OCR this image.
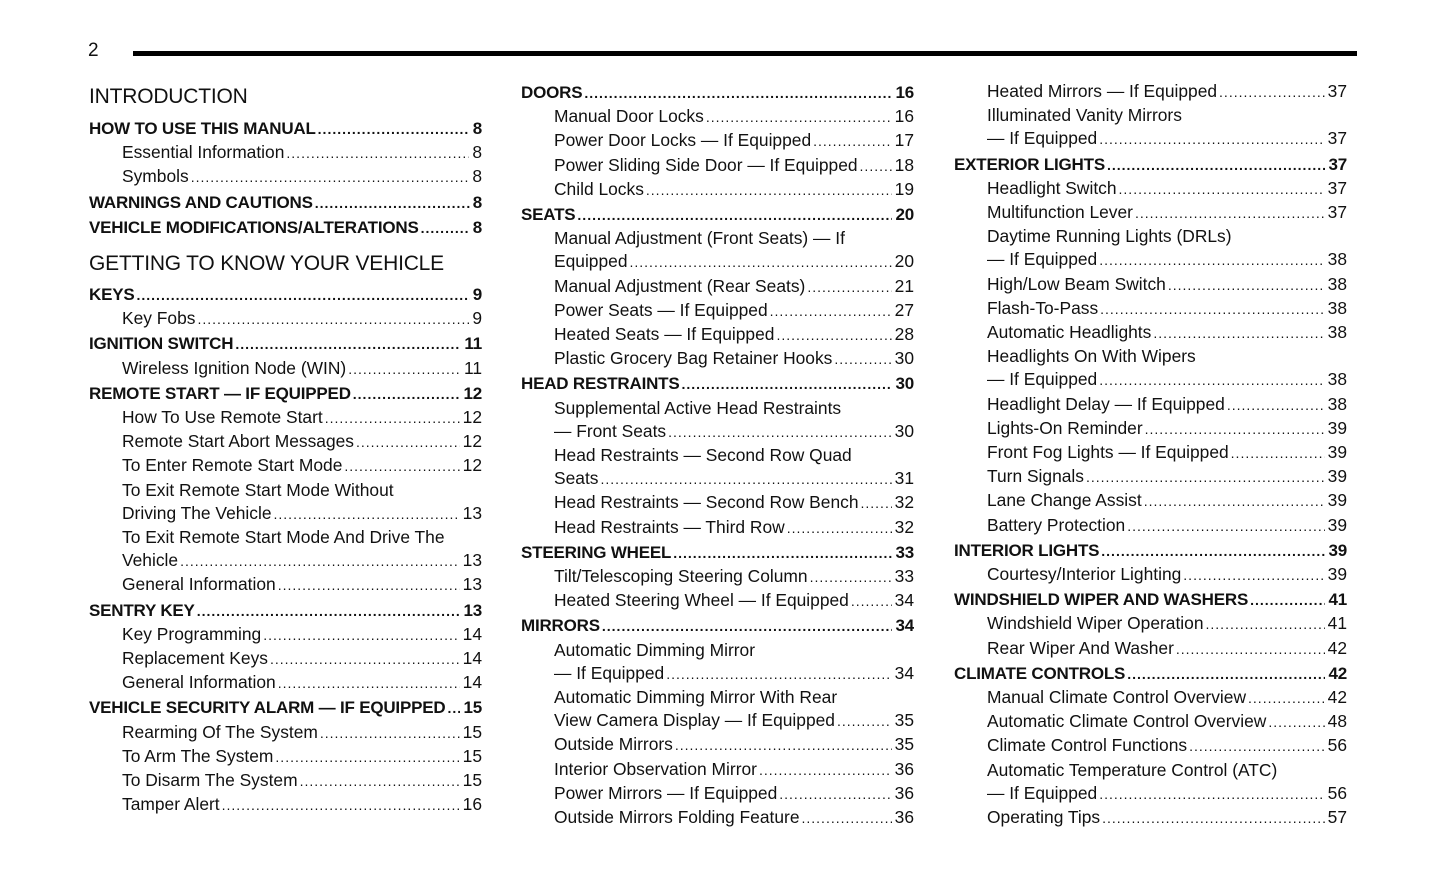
2
INTRODUCTION
HOW TO USE THIS MANUAL .....	8
Essential Information .....	8
Symbols .....	8
WARNINGS AND CAUTIONS .....	8
VEHICLE MODIFICATIONS/ALTERATIONS .....	8
GETTING TO KNOW YOUR VEHICLE
KEYS .....	9
Key Fobs .....	9
IGNITION SWITCH .....	11
Wireless Ignition Node (WIN) .....	11
REMOTE START — IF EQUIPPED .....	12
How To Use Remote Start .....	12
Remote Start Abort Messages .....	12
To Enter Remote Start Mode .....	12
To Exit Remote Start Mode Without
Driving The Vehicle .....	13
To Exit Remote Start Mode And Drive The
Vehicle .....	13
General Information .....	13
SENTRY KEY .....	13
Key Programming .....	14
Replacement Keys .....	14
General Information .....	14
VEHICLE SECURITY ALARM — IF EQUIPPED ..... 15
Rearming Of The System .....	15
To Arm The System .....	15
To Disarm The System .....	15
Tamper Alert .....	16
DOORS .....	16
Manual Door Locks .....	16
Power Door Locks — If Equipped .....	17
Power Sliding Side Door — If Equipped ..... 18
Child Locks .....	19
SEATS .....	20
Manual Adjustment (Front Seats) — If
Equipped .....	20
Manual Adjustment (Rear Seats) .....	21
Power Seats — If Equipped .....	27
Heated Seats — If Equipped .....	28
Plastic Grocery Bag Retainer Hooks .....	30
HEAD RESTRAINTS .....	30
Supplemental Active Head Restraints
— Front Seats .....	30
Head Restraints — Second Row Quad
Seats .....	31
Head Restraints — Second Row Bench ..... 32
Head Restraints — Third Row .....	32
STEERING WHEEL .....	33
Tilt/Telescoping Steering Column .....	33
Heated Steering Wheel — If Equipped .....	34
MIRRORS .....	34
Automatic Dimming Mirror
— If Equipped .....	34
Automatic Dimming Mirror With Rear
View Camera Display — If Equipped .....	35
Outside Mirrors .....	35
Interior Observation Mirror .....	36
Power Mirrors — If Equipped .....	36
Outside Mirrors Folding Feature .....	36
Heated Mirrors — If Equipped .....	37
Illuminated Vanity Mirrors
— If Equipped .....	37
EXTERIOR LIGHTS .....	37
Headlight Switch .....	37
Multifunction Lever .....	37
Daytime Running Lights (DRLs)
— If Equipped .....	38
High/Low Beam Switch .....	38
Flash-To-Pass .....	38
Automatic Headlights .....	38
Headlights On With Wipers
— If Equipped .....	38
Headlight Delay — If Equipped .....	38
Lights-On Reminder .....	39
Front Fog Lights — If Equipped .....	39
Turn Signals .....	39
Lane Change Assist .....	39
Battery Protection .....	39
INTERIOR LIGHTS .....	39
Courtesy/Interior Lighting .....	39
WINDSHIELD WIPER AND WASHERS .....	41
Windshield Wiper Operation .....	41
Rear Wiper And Washer .....	42
CLIMATE CONTROLS .....	42
Manual Climate Control Overview .....	42
Automatic Climate Control Overview .....	48
Climate Control Functions .....	56
Automatic Temperature Control (ATC)
— If Equipped .....	56
Operating Tips .....	57
